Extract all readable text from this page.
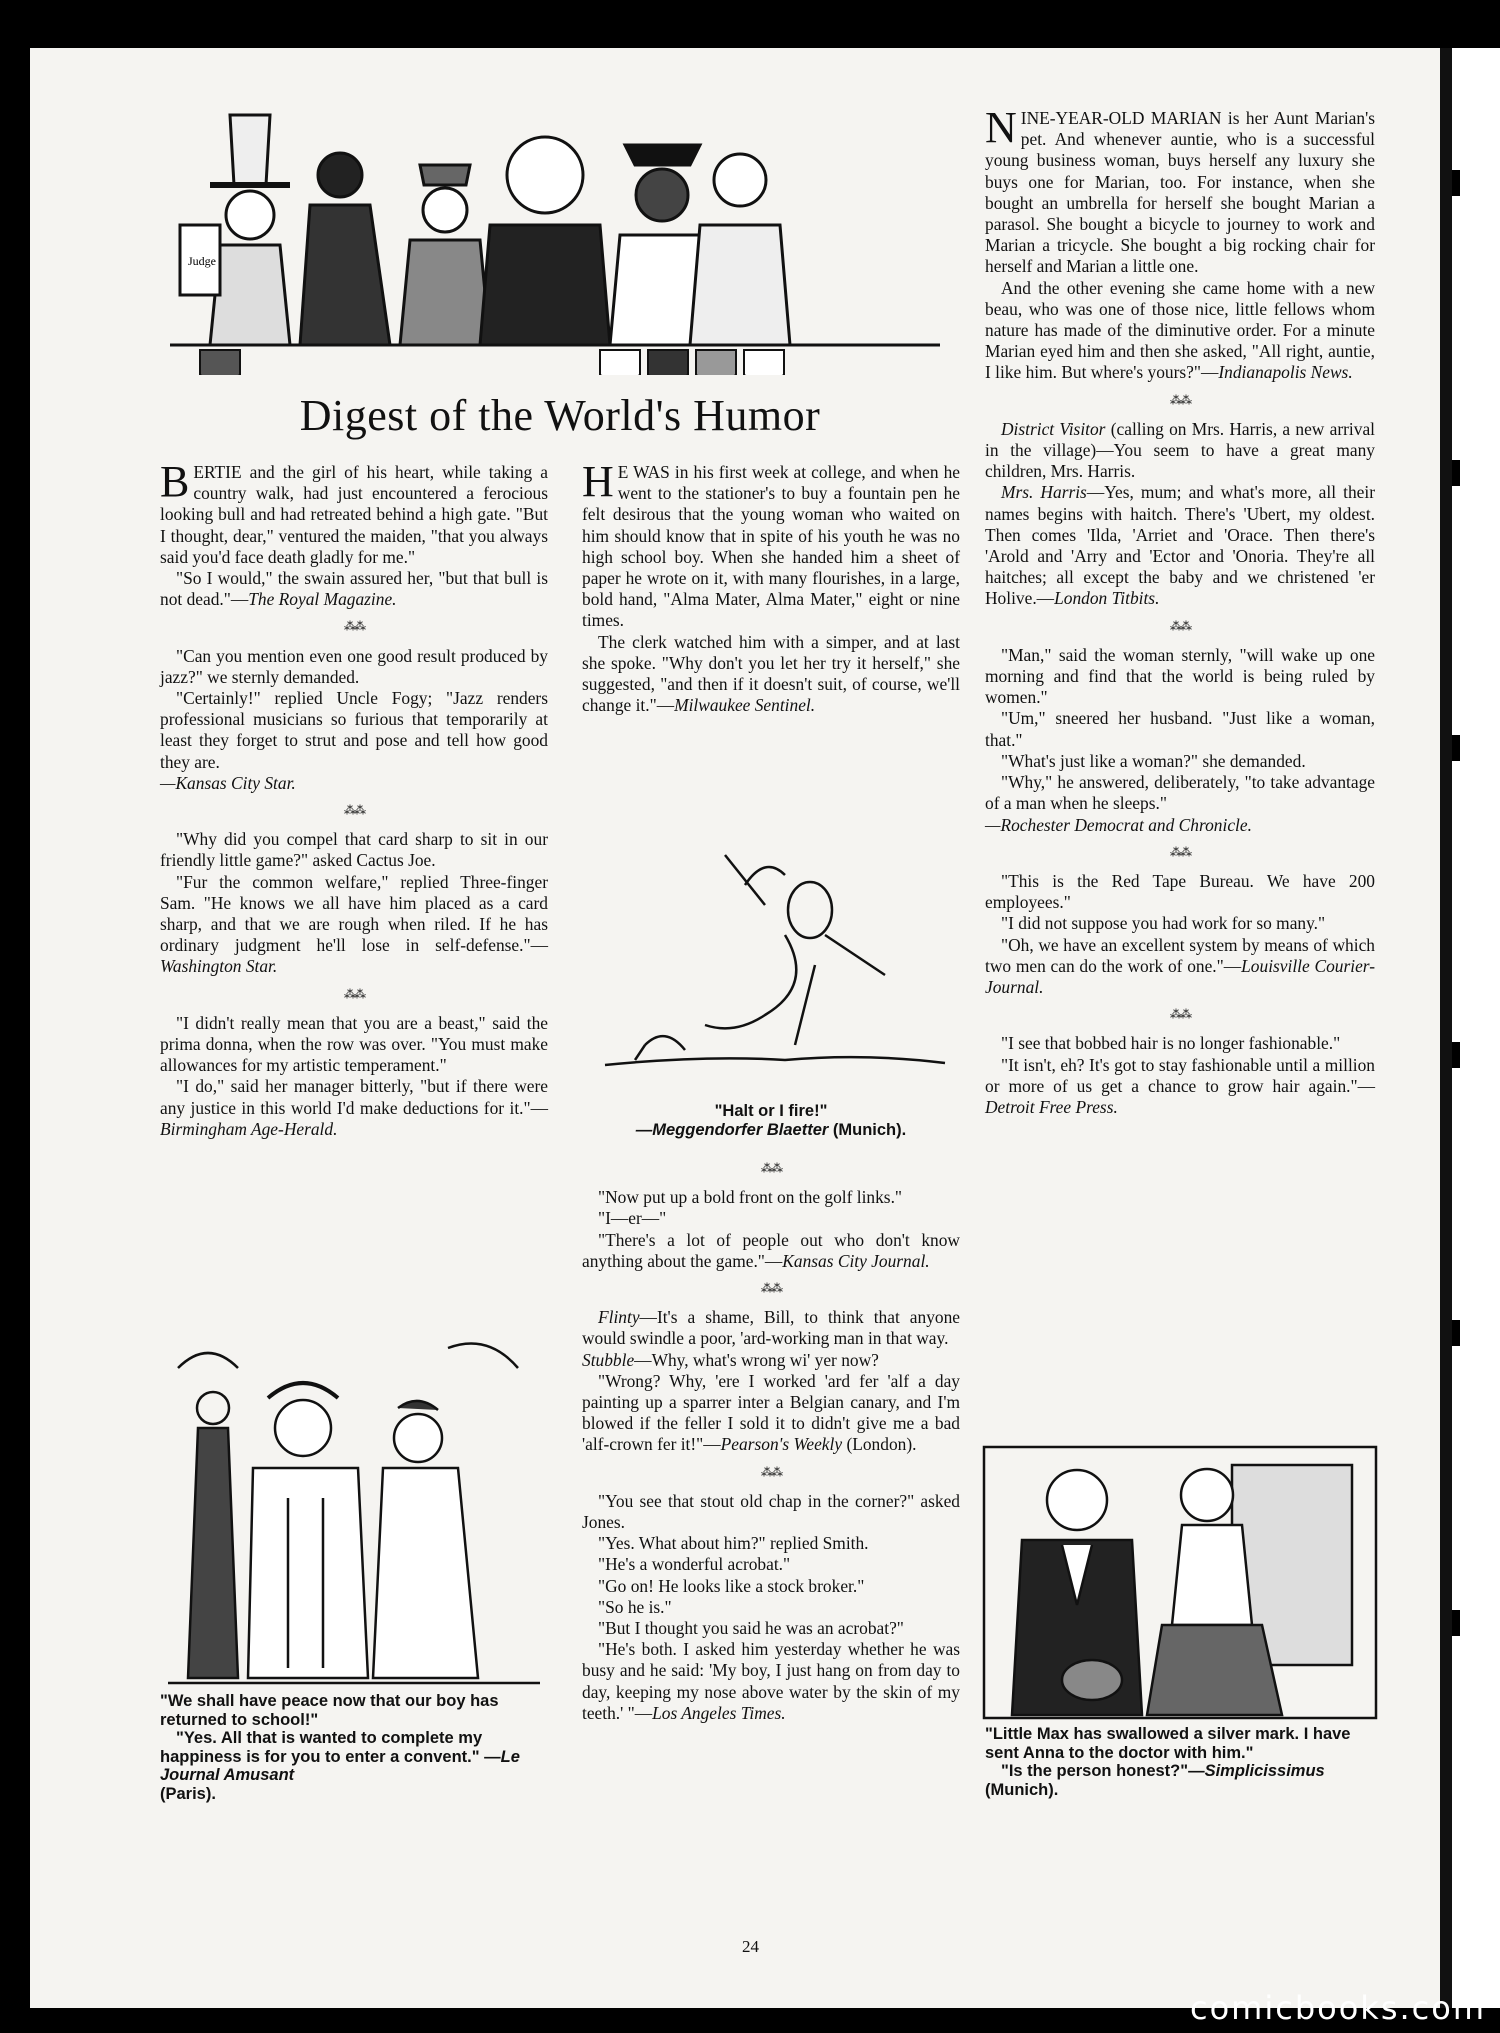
Judge
Digest of the World's Humor

BERTIE and the girl of his heart, while taking a country walk, had just encountered a ferocious looking bull and had retreated behind a high gate. "But I thought, dear," ventured the maiden, "that you always said you'd face death gladly for me."

"So I would," the swain assured her, "but that bull is not dead."—The Royal Magazine.

⁂⁂

"Can you mention even one good result produced by jazz?" we sternly demanded.

"Certainly!" replied Uncle Fogy; "Jazz renders professional musicians so furious that temporarily at least they forget to strut and pose and tell how good they are.

—Kansas City Star.

⁂⁂

"Why did you compel that card sharp to sit in our friendly little game?" asked Cactus Joe.

"Fur the common welfare," replied Three-finger Sam. "He knows we all have him placed as a card sharp, and that we are rough when riled. If he has ordinary judgment he'll lose in self-defense."—Washington Star.

⁂⁂

"I didn't really mean that you are a beast," said the prima donna, when the row was over. "You must make allowances for my artistic temperament."

"I do," said her manager bitterly, "but if there were any justice in this world I'd make deductions for it."—Birmingham Age-Herald.

"We shall have peace now that our boy has returned to school!"

"Yes. All that is wanted to complete my happiness is for you to enter a convent." —Le Journal Amusant

(Paris).

H E WAS in his first week at college, and when he went to the stationer's to buy a fountain pen he felt desirous that the young woman who waited on him should know that in spite of his youth he was no high school boy. When she handed him a sheet of paper he wrote on it, with many flourishes, in a large, bold hand, "Alma Mater, Alma Mater," eight or nine times.

The clerk watched him with a simper, and at last she spoke. "Why don't you let her try it herself," she suggested, "and then if it doesn't suit, of course, we'll change it."—Milwaukee Sentinel.

"Halt or I fire!"

—Meggendorfer Blaetter (Munich).

⁂⁂

"Now put up a bold front on the golf links."

"I—er—"

"There's a lot of people out who don't know anything about the game."—Kansas City Journal.

⁂⁂

Flinty—It's a shame, Bill, to think that anyone would swindle a poor, 'ard-working man in that way.

Stubble—Why, what's wrong wi' yer now?

"Wrong? Why, 'ere I worked 'ard fer 'alf a day painting up a sparrer inter a Belgian canary, and I'm blowed if the feller I sold it to didn't give me a bad 'alf-crown fer it!"—Pearson's Weekly (London).

⁂⁂

"You see that stout old chap in the corner?" asked Jones.

"Yes. What about him?" replied Smith.

"He's a wonderful acrobat."

"Go on! He looks like a stock broker."

"So he is."

"But I thought you said he was an acrobat?"

"He's both. I asked him yesterday whether he was busy and he said: 'My boy, I just hang on from day to day, keeping my nose above water by the skin of my teeth.' "—Los Angeles Times.

NINE-YEAR-OLD MARIAN is her Aunt Marian's pet. And whenever auntie, who is a successful young business woman, buys herself any luxury she buys one for Marian, too. For instance, when she bought an umbrella for herself she bought Marian a parasol. She bought a bicycle to journey to work and Marian a tricycle. She bought a big rocking chair for herself and Marian a little one.

And the other evening she came home with a new beau, who was one of those nice, little fellows whom nature has made of the diminutive order. For a minute Marian eyed him and then she asked, "All right, auntie, I like him. But where's yours?"—Indianapolis News.

⁂⁂

District Visitor (calling on Mrs. Harris, a new arrival in the village)—You seem to have a great many children, Mrs. Harris.

Mrs. Harris—Yes, mum; and what's more, all their names begins with haitch. There's 'Ubert, my oldest. Then comes 'Ilda, 'Arriet and 'Orace. Then there's 'Arold and 'Arry and 'Ector and 'Onoria. They're all haitches; all except the baby and we christened 'er Holive.—London Titbits.

⁂⁂

"Man," said the woman sternly, "will wake up one morning and find that the world is being ruled by women."

"Um," sneered her husband. "Just like a woman, that."

"What's just like a woman?" she demanded.

"Why," he answered, deliberately, "to take advantage of a man when he sleeps."

—Rochester Democrat and Chronicle.

⁂⁂

"This is the Red Tape Bureau. We have 200 employees."

"I did not suppose you had work for so many."

"Oh, we have an excellent system by means of which two men can do the work of one."—Louisville Courier-Journal.

⁂⁂

"I see that bobbed hair is no longer fashionable."

"It isn't, eh? It's got to stay fashionable until a million or more of us get a chance to grow hair again."—Detroit Free Press.

"Little Max has swallowed a silver mark. I have sent Anna to the doctor with him."

"Is the person honest?"—Simplicissimus (Munich).

24
comicbooks.com
